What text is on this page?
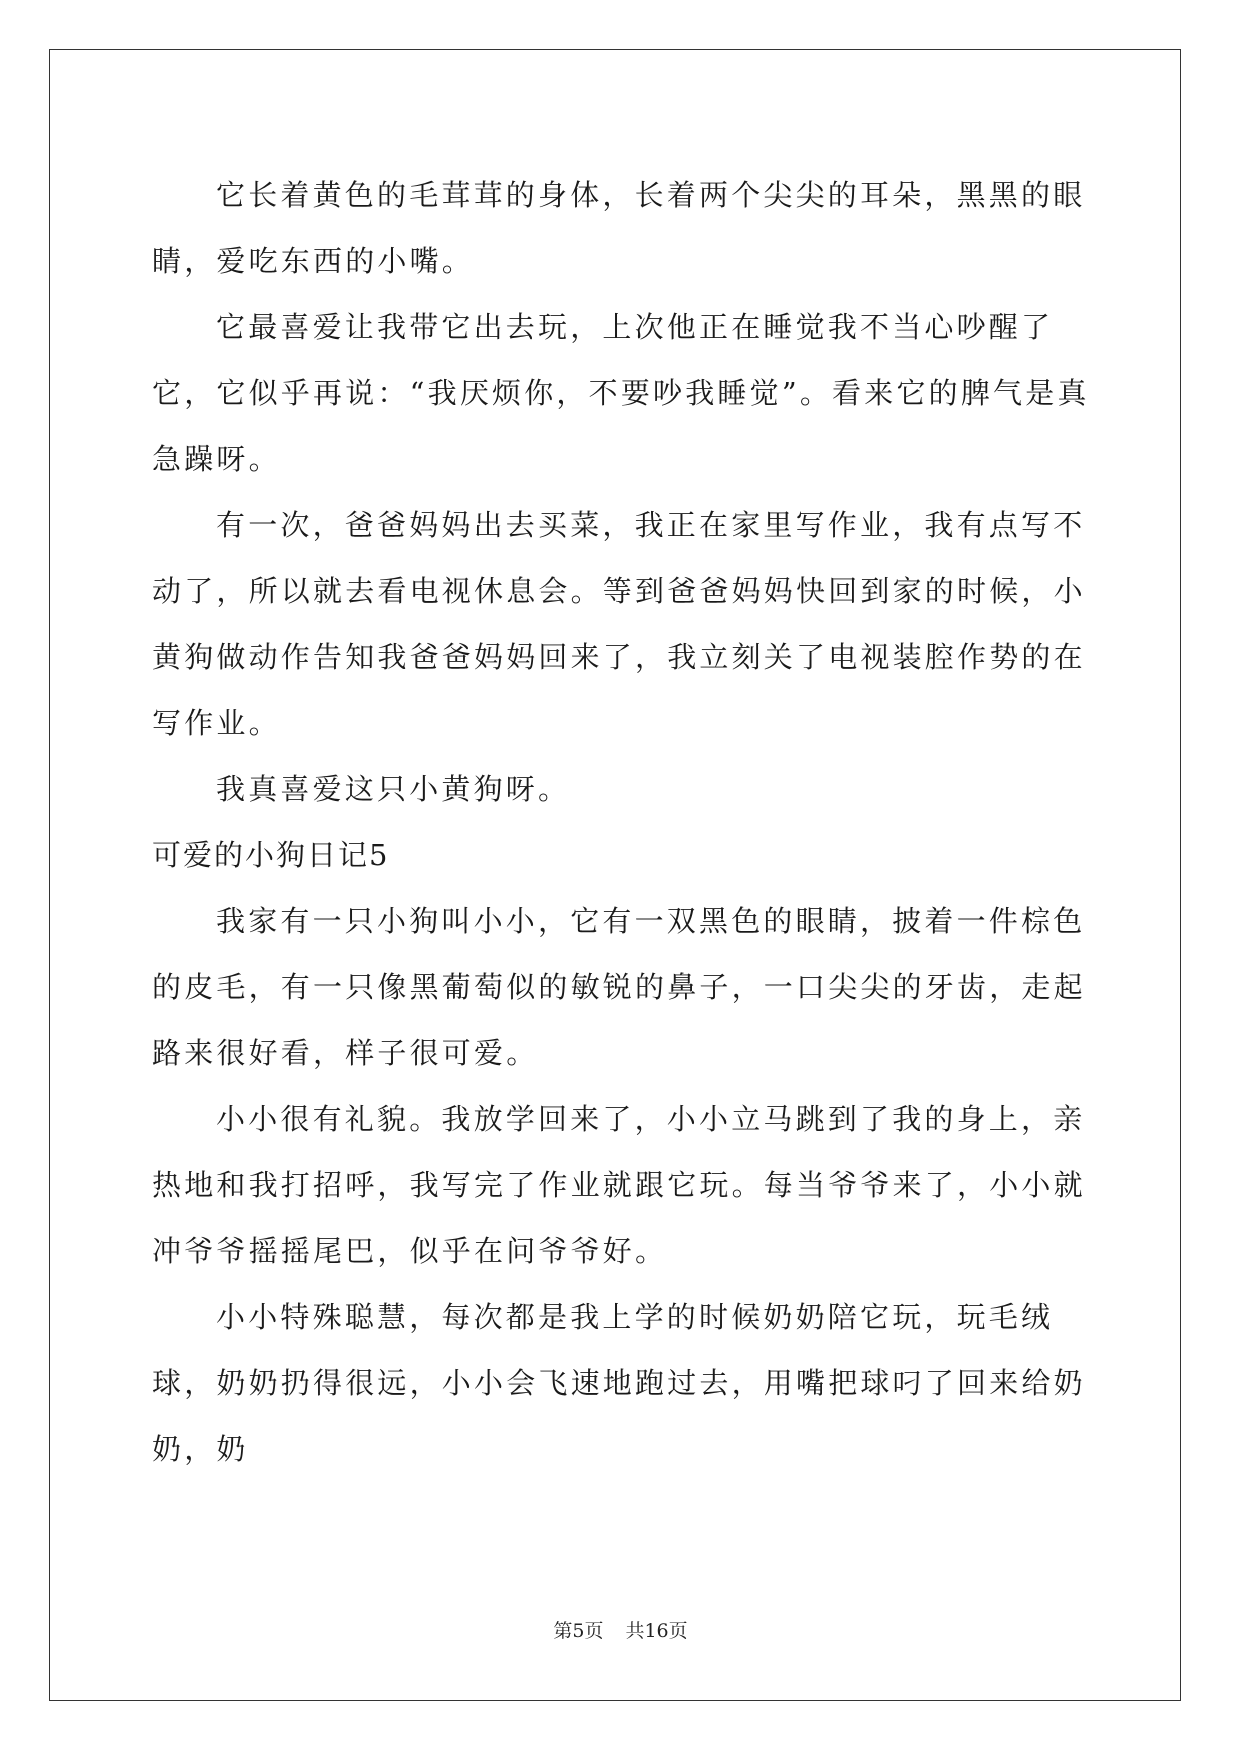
它长着黄色的毛茸茸的身体，长着两个尖尖的耳朵，黑黑的眼睛，爱吃东西的小嘴。

它最喜爱让我带它出去玩，上次他正在睡觉我不当心吵醒了它，它似乎再说：“我厌烦你，不要吵我睡觉”。看来它的脾气是真急躁呀。

有一次，爸爸妈妈出去买菜，我正在家里写作业，我有点写不动了，所以就去看电视休息会。等到爸爸妈妈快回到家的时候，小黄狗做动作告知我爸爸妈妈回来了，我立刻关了电视装腔作势的在写作业。

我真喜爱这只小黄狗呀。

可爱的小狗日记5

我家有一只小狗叫小小，它有一双黑色的眼睛，披着一件棕色的皮毛，有一只像黑葡萄似的敏锐的鼻子，一口尖尖的牙齿，走起路来很好看，样子很可爱。

小小很有礼貌。我放学回来了，小小立马跳到了我的身上，亲热地和我打招呼，我写完了作业就跟它玩。每当爷爷来了，小小就冲爷爷摇摇尾巴，似乎在问爷爷好。

小小特殊聪慧，每次都是我上学的时候奶奶陪它玩，玩毛绒球，奶奶扔得很远，小小会飞速地跑过去，用嘴把球叼了回来给奶奶，奶

第5页 共16页
